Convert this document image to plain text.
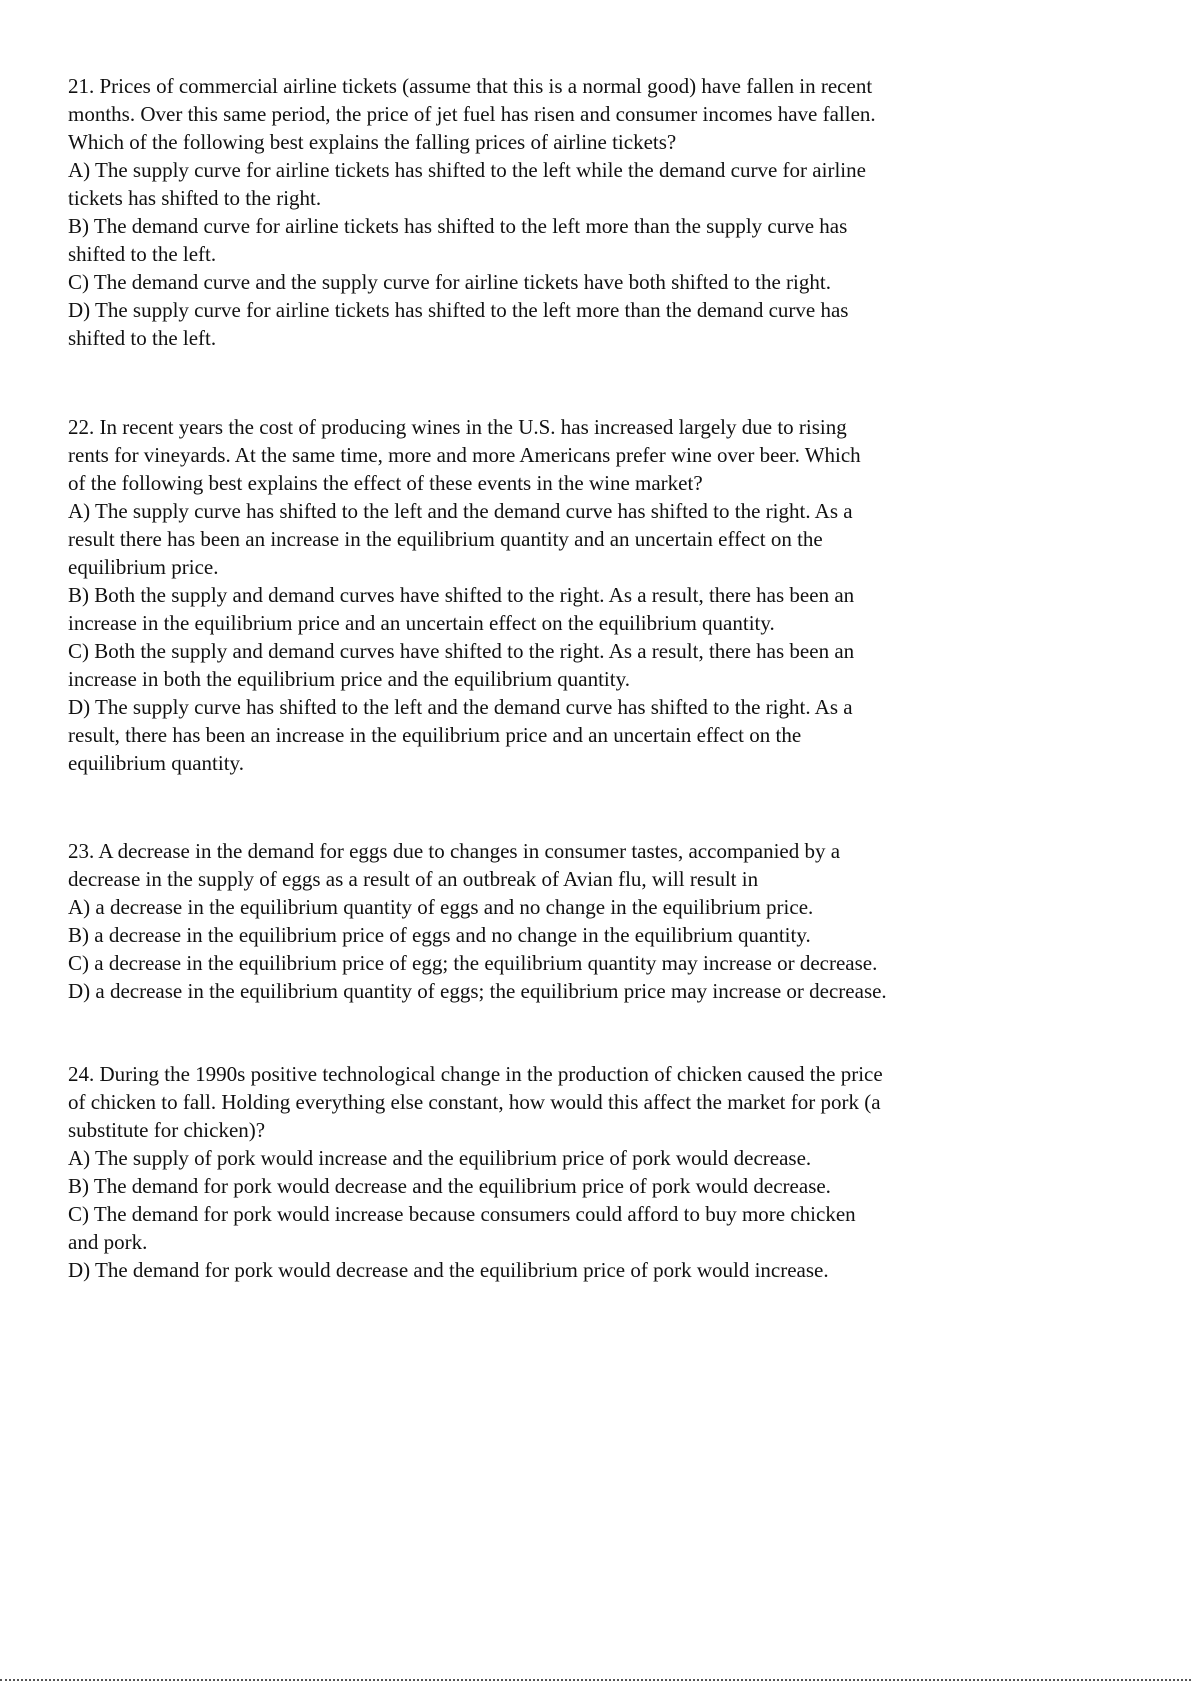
21. Prices of commercial airline tickets (assume that this is a normal good) have fallen in recent
months. Over this same period, the price of jet fuel has risen and consumer incomes have fallen.
Which of the following best explains the falling prices of airline tickets?
A) The supply curve for airline tickets has shifted to the left while the demand curve for airline
tickets has shifted to the right.
B) The demand curve for airline tickets has shifted to the left more than the supply curve has
shifted to the left.
C) The demand curve and the supply curve for airline tickets have both shifted to the right.
D) The supply curve for airline tickets has shifted to the left more than the demand curve has
shifted to the left.
22. In recent years the cost of producing wines in the U.S. has increased largely due to rising
rents for vineyards. At the same time, more and more Americans prefer wine over beer. Which
of the following best explains the effect of these events in the wine market?
A) The supply curve has shifted to the left and the demand curve has shifted to the right. As a
result there has been an increase in the equilibrium quantity and an uncertain effect on the
equilibrium price.
B) Both the supply and demand curves have shifted to the right. As a result, there has been an
increase in the equilibrium price and an uncertain effect on the equilibrium quantity.
C) Both the supply and demand curves have shifted to the right. As a result, there has been an
increase in both the equilibrium price and the equilibrium quantity.
D) The supply curve has shifted to the left and the demand curve has shifted to the right. As a
result, there has been an increase in the equilibrium price and an uncertain effect on the
equilibrium quantity.
23. A decrease in the demand for eggs due to changes in consumer tastes, accompanied by a
decrease in the supply of eggs as a result of an outbreak of Avian flu, will result in
A) a decrease in the equilibrium quantity of eggs and no change in the equilibrium price.
B) a decrease in the equilibrium price of eggs and no change in the equilibrium quantity.
C) a decrease in the equilibrium price of egg; the equilibrium quantity may increase or decrease.
D) a decrease in the equilibrium quantity of eggs; the equilibrium price may increase or decrease.
24. During the 1990s positive technological change in the production of chicken caused the price
of chicken to fall. Holding everything else constant, how would this affect the market for pork (a
substitute for chicken)?
A) The supply of pork would increase and the equilibrium price of pork would decrease.
B) The demand for pork would decrease and the equilibrium price of pork would decrease.
C) The demand for pork would increase because consumers could afford to buy more chicken
and pork.
D) The demand for pork would decrease and the equilibrium price of pork would increase.
